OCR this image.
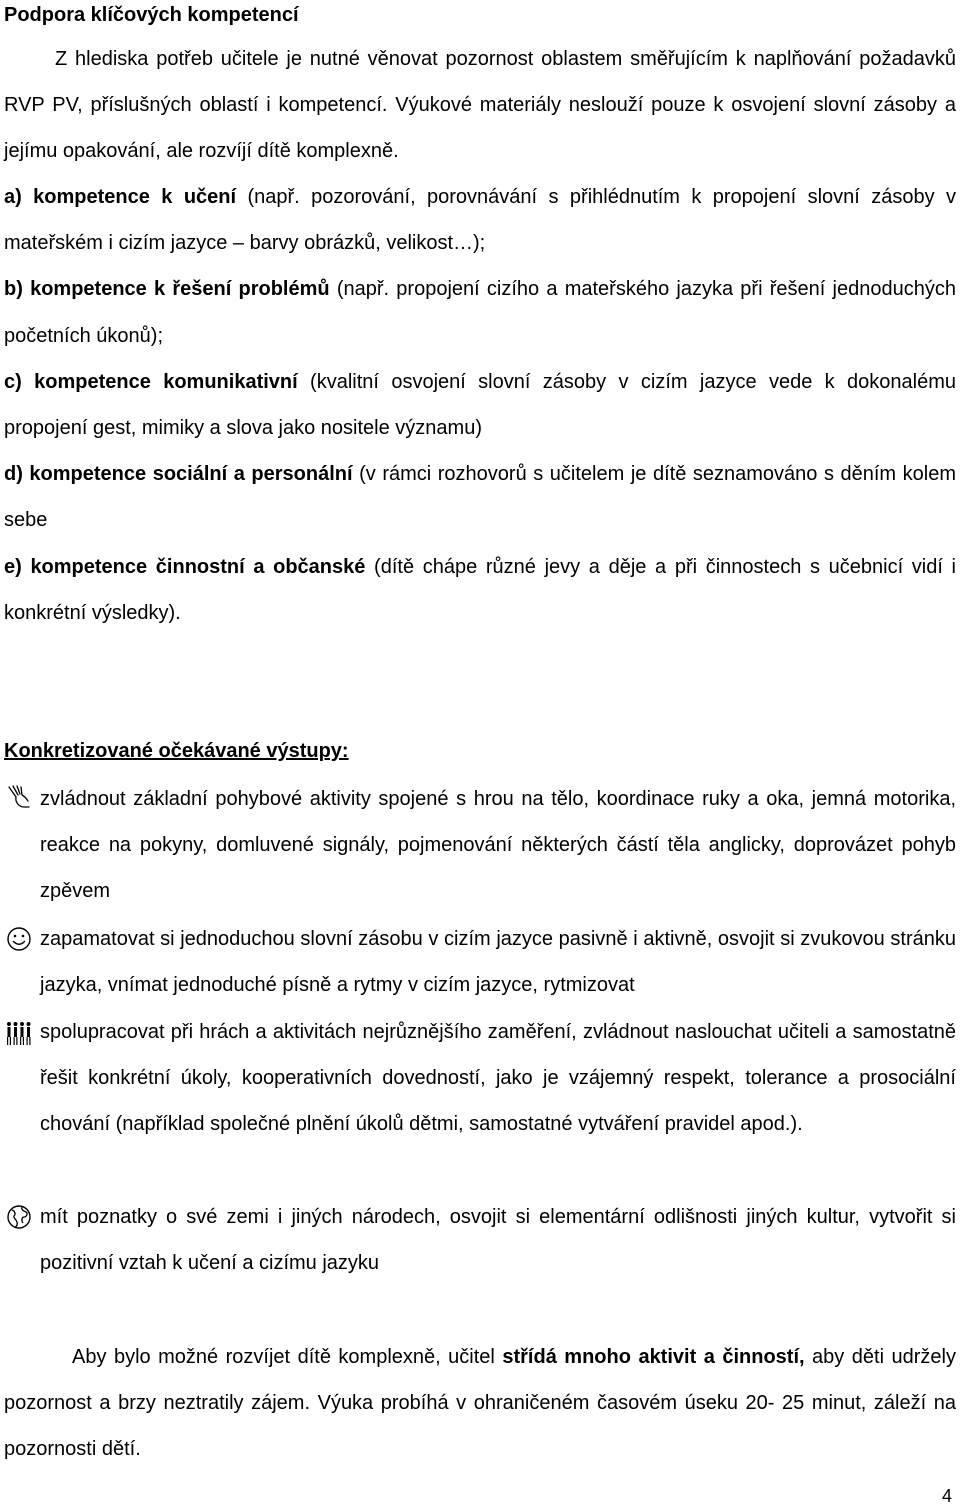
Podpora klíčových kompetencí
Z hlediska potřeb učitele je nutné věnovat pozornost oblastem směřujícím k naplňování požadavků RVP PV, příslušných oblastí i kompetencí. Výukové materiály neslouží pouze k osvojení slovní zásoby a jejímu opakování, ale rozvíjí dítě komplexně.
a) kompetence k učení (např. pozorování, porovnávání s přihlédnutím k propojení slovní zásoby v mateřském i cizím jazyce – barvy obrázků, velikost…);
b) kompetence k řešení problémů (např. propojení cizího a mateřského jazyka při řešení jednoduchých početních úkonů);
c) kompetence komunikativní (kvalitní osvojení slovní zásoby v cizím jazyce vede k dokonalému propojení gest, mimiky a slova jako nositele významu)
d) kompetence sociální a personální (v rámci rozhovorů s učitelem je dítě seznamováno s děním kolem sebe
e) kompetence činnostní a občanské (dítě chápe různé jevy a děje a při činnostech s učebnicí vidí i konkrétní výsledky).
Konkretizované očekávané výstupy:
zvládnout základní pohybové aktivity spojené s hrou na tělo, koordinace ruky a oka, jemná motorika, reakce na pokyny, domluvené signály, pojmenování některých částí těla anglicky, doprovázet pohyb zpěvem
zapamatovat si jednoduchou slovní zásobu v cizím jazyce pasivně i aktivně, osvojit si zvukovou stránku jazyka, vnímat jednoduché písně a rytmy v cizím jazyce, rytmizovat
spolupracovat při hrách a aktivitách nejrůznějšího zaměření, zvládnout naslouchat učiteli a samostatně řešit konkrétní úkoly, kooperativních dovedností, jako je vzájemný respekt, tolerance a prosociální chování (například společné plnění úkolů dětmi, samostatné vytváření pravidel apod.).
mít poznatky o své zemi i jiných národech, osvojit si elementární odlišnosti jiných kultur, vytvořit si pozitivní vztah k učení a cizímu jazyku
Aby bylo možné rozvíjet dítě komplexně, učitel střídá mnoho aktivit a činností, aby děti udržely pozornost a brzy neztratily zájem. Výuka probíhá v ohraničeném časovém úseku 20- 25 minut, záleží na pozornosti dětí.
4
